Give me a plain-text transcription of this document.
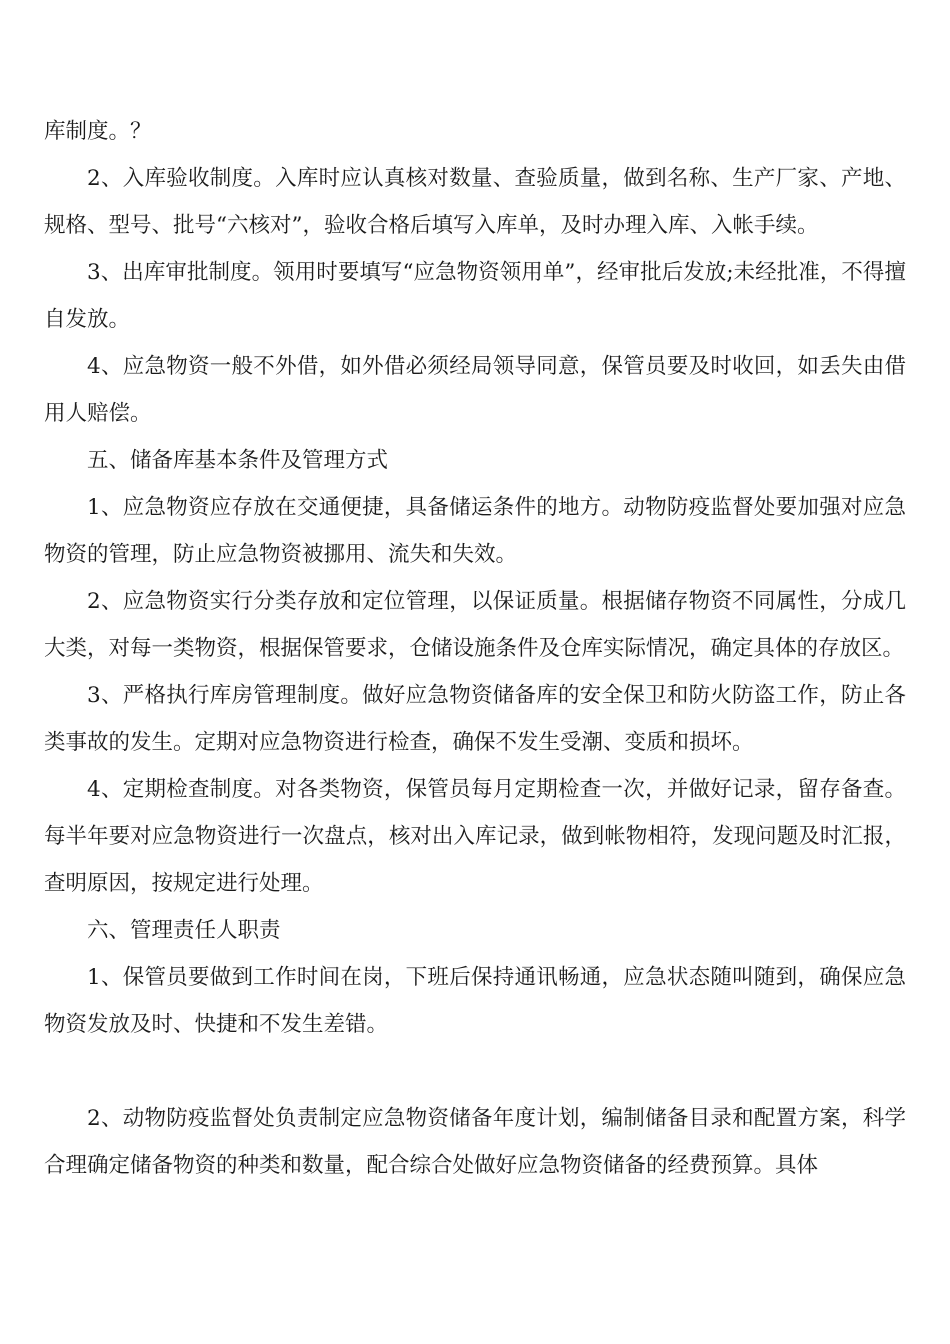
库制度。？

2、入库验收制度。入库时应认真核对数量、查验质量，做到名称、生产厂家、产地、规格、型号、批号“六核对”，验收合格后填写入库单，及时办理入库、入帐手续。

3、出库审批制度。领用时要填写“应急物资领用单”，经审批后发放;未经批准，不得擅自发放。

4、应急物资一般不外借，如外借必须经局领导同意，保管员要及时收回，如丢失由借用人赔偿。

五、储备库基本条件及管理方式

1、应急物资应存放在交通便捷，具备储运条件的地方。动物防疫监督处要加强对应急物资的管理，防止应急物资被挪用、流失和失效。

2、应急物资实行分类存放和定位管理，以保证质量。根据储存物资不同属性，分成几大类，对每一类物资，根据保管要求，仓储设施条件及仓库实际情况，确定具体的存放区。

3、严格执行库房管理制度。做好应急物资储备库的安全保卫和防火防盗工作，防止各类事故的发生。定期对应急物资进行检查，确保不发生受潮、变质和损坏。

4、定期检查制度。对各类物资，保管员每月定期检查一次，并做好记录，留存备查。每半年要对应急物资进行一次盘点，核对出入库记录，做到帐物相符，发现问题及时汇报，查明原因，按规定进行处理。

六、管理责任人职责

1、保管员要做到工作时间在岗，下班后保持通讯畅通，应急状态随叫随到，确保应急物资发放及时、快捷和不发生差错。

2、动物防疫监督处负责制定应急物资储备年度计划，编制储备目录和配置方案，科学合理确定储备物资的种类和数量，配合综合处做好应急物资储备的经费预算。具体
